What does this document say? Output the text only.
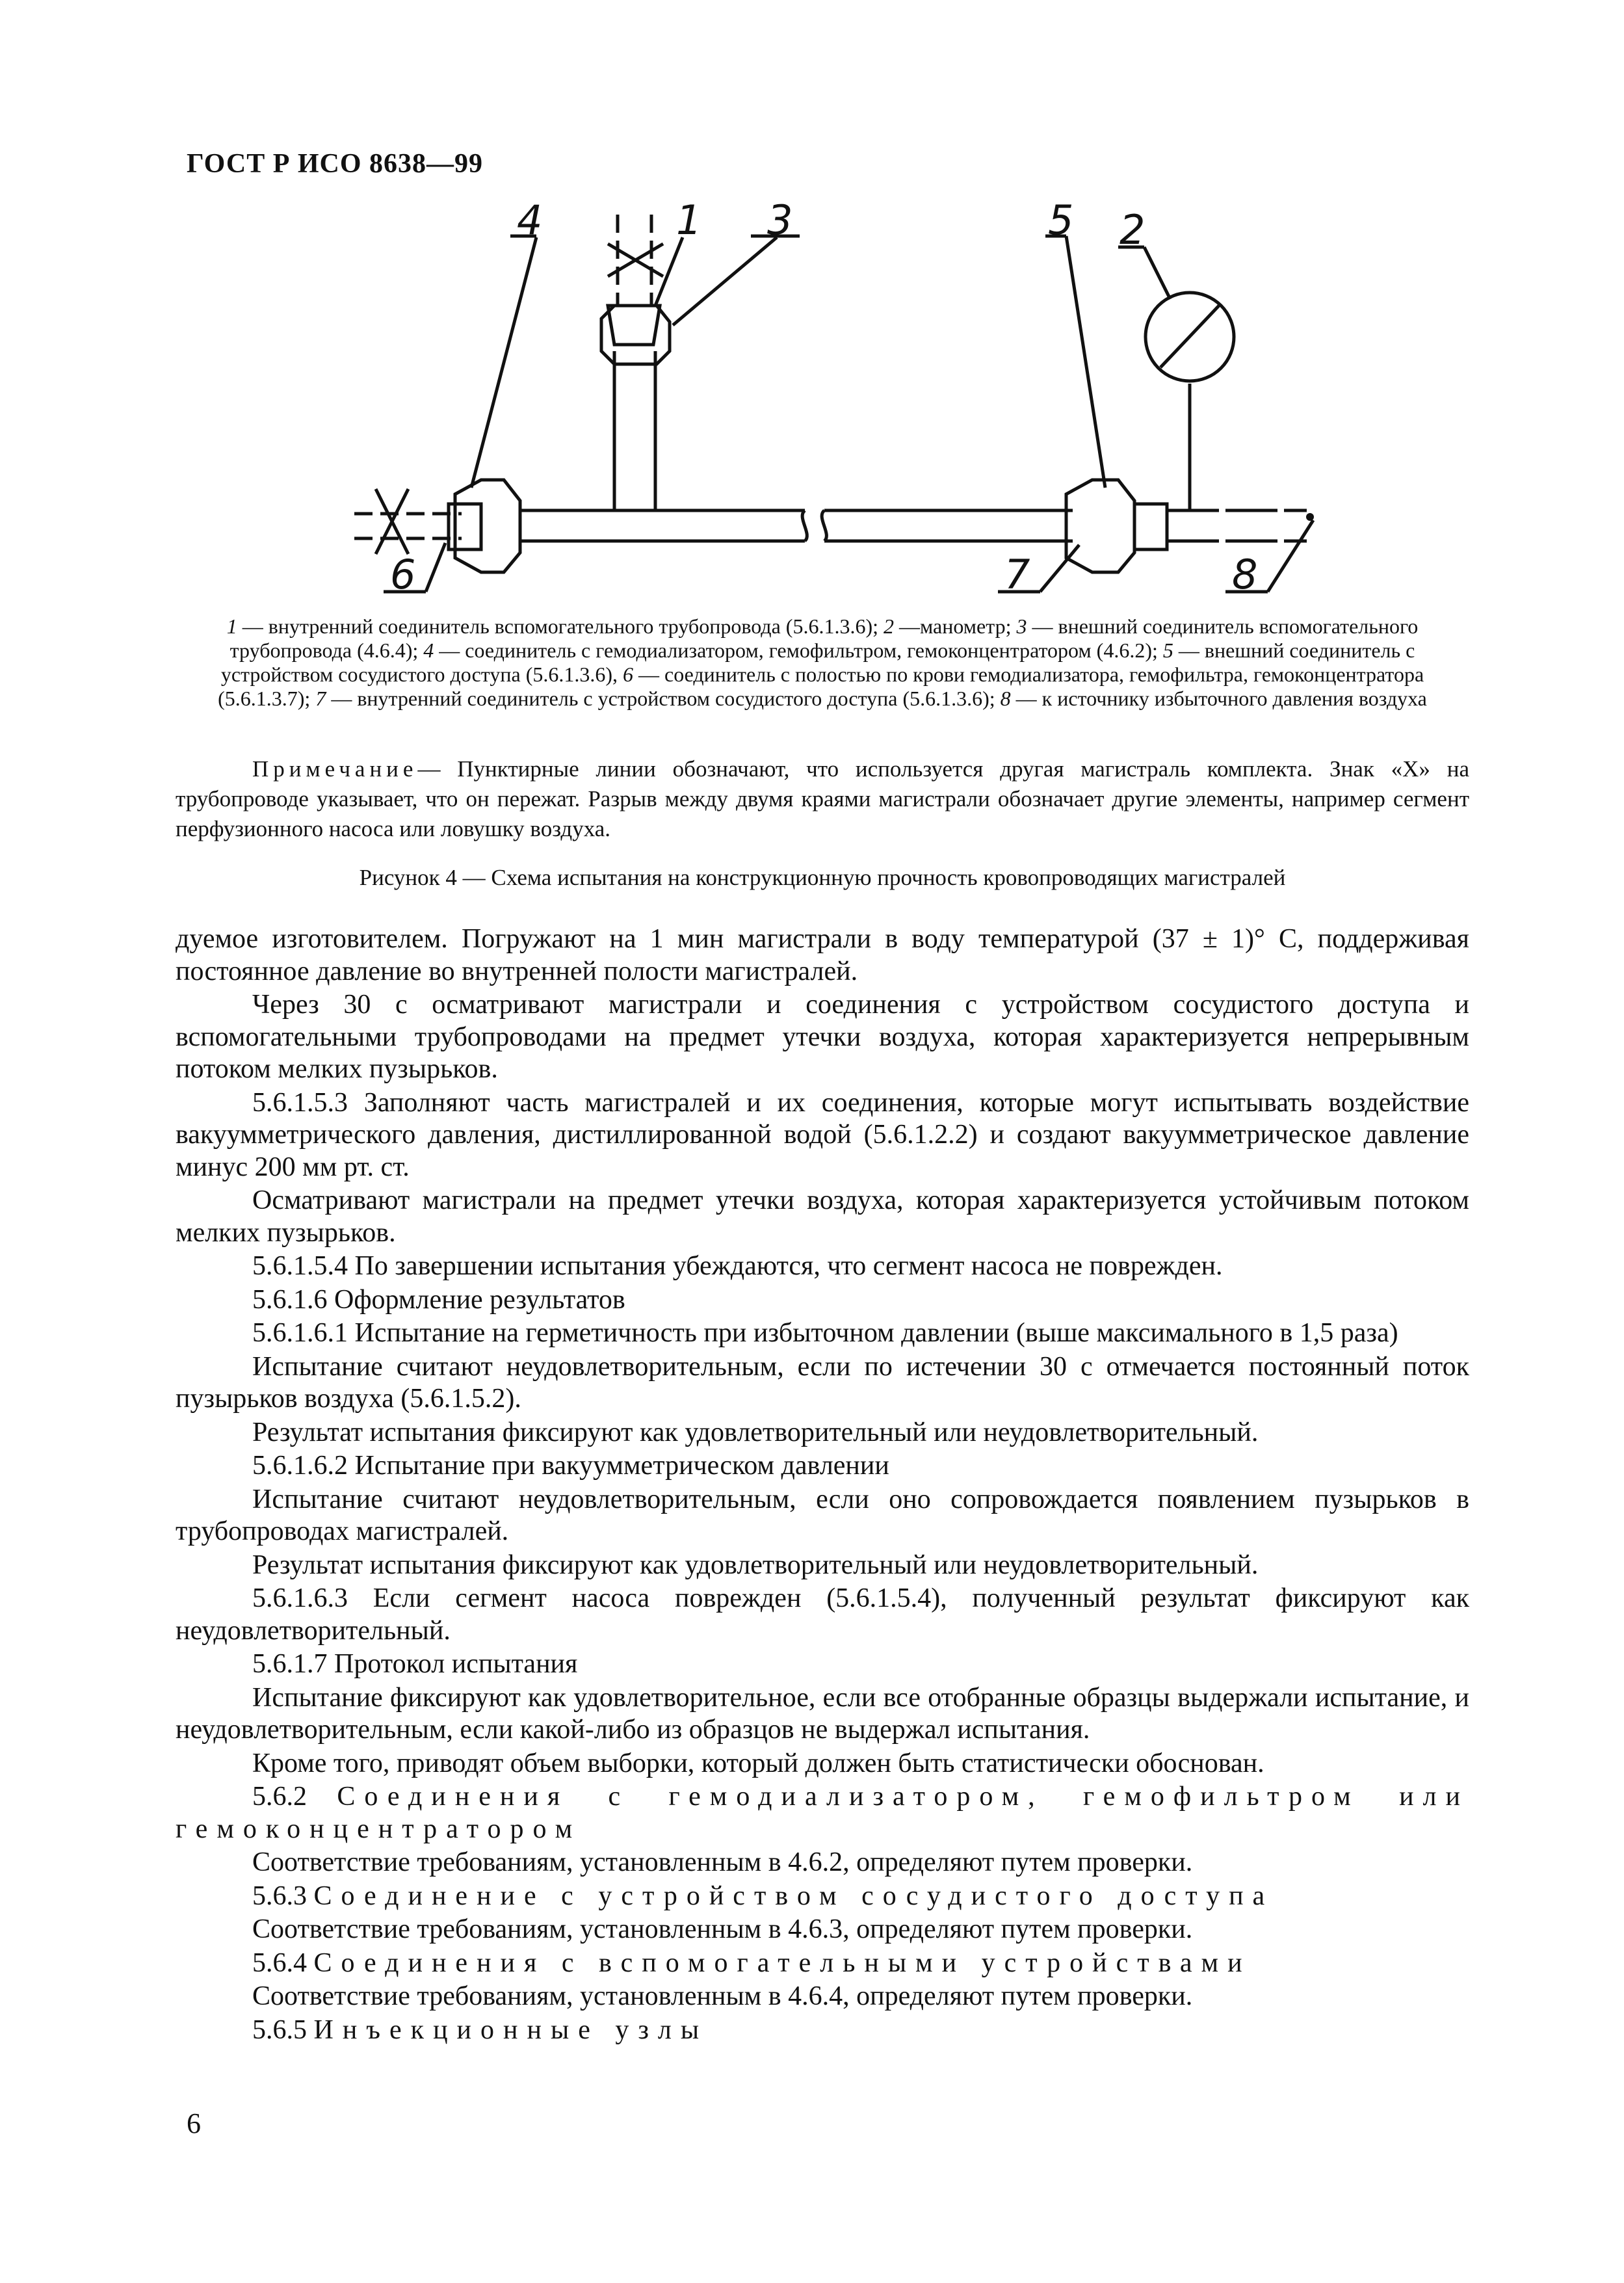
ГОСТ Р ИСО 8638—99
4	1 3	5 2
6	7	8
1 — внутренний соединитель вспомогательного трубопровода (5.6.1.3.6); 2 —манометр; 3 — внешний соединитель вспомогательного трубопровода (4.6.4); 4 — соединитель с гемодиализатором, гемофильтром, гемоконцентратором (4.6.2); 5 — внешний соединитель с устройством сосудистого доступа (5.6.1.3.6), 6 — соединитель с полостью по крови гемодиализатора, гемофильтра, гемоконцентратора (5.6.1.3.7); 7 — внутренний соединитель с устройством сосудистого доступа (5.6.1.3.6); 8 — к источнику избыточного давления воздуха
Примечание— Пунктирные линии обозначают, что используется другая магистраль комплекта. Знак «X» на трубопроводе указывает, что он пережат. Разрыв между двумя краями магистрали обозначает другие элементы, например сегмент перфузионного насоса или ловушку воздуха.
Рисунок 4 — Схема испытания на конструкционную прочность кровопроводящих магистралей

дуемое изготовителем. Погружают на 1 мин магистрали в воду температурой (37 ± 1)° С, поддерживая постоянное давление во внутренней полости магистралей.

Через 30 с осматривают магистрали и соединения с устройством сосудистого доступа и вспомогательными трубопроводами на предмет утечки воздуха, которая характеризуется непрерывным потоком мелких пузырьков.

5.6.1.5.3 Заполняют часть магистралей и их соединения, которые могут испытывать воздействие вакуумметрического давления, дистиллированной водой (5.6.1.2.2) и создают вакуумметрическое давление минус 200 мм рт. ст.

Осматривают магистрали на предмет утечки воздуха, которая характеризуется устойчивым потоком мелких пузырьков.

5.6.1.5.4 По завершении испытания убеждаются, что сегмент насоса не поврежден.

5.6.1.6 Оформление результатов

5.6.1.6.1 Испытание на герметичность при избыточном давлении (выше максимального в 1,5 раза)

Испытание считают неудовлетворительным, если по истечении 30 с отмечается постоянный поток пузырьков воздуха (5.6.1.5.2).

Результат испытания фиксируют как удовлетворительный или неудовлетворительный.

5.6.1.6.2 Испытание при вакуумметрическом давлении

Испытание считают неудовлетворительным, если оно сопровождается появлением пузырьков в трубопроводах магистралей.

Результат испытания фиксируют как удовлетворительный или неудовлетворительный.

5.6.1.6.3 Если сегмент насоса поврежден (5.6.1.5.4), полученный результат фиксируют как неудовлетворительный.

5.6.1.7 Протокол испытания

Испытание фиксируют как удовлетворительное, если все отобранные образцы выдержали испытание, и неудовлетворительным, если какой-либо из образцов не выдержал испытания.

Кроме того, приводят объем выборки, который должен быть статистически обоснован.

5.6.2 Соединения с гемодиализатором, гемофильтром или гемоконцентратором

Соответствие требованиям, установленным в 4.6.2, определяют путем проверки.

5.6.3 Соединение с устройством сосудистого доступа

Соответствие требованиям, установленным в 4.6.3, определяют путем проверки.

5.6.4 Соединения с вспомогательными устройствами

Соответствие требованиям, установленным в 4.6.4, определяют путем проверки.

5.6.5 Инъекционные узлы

6
